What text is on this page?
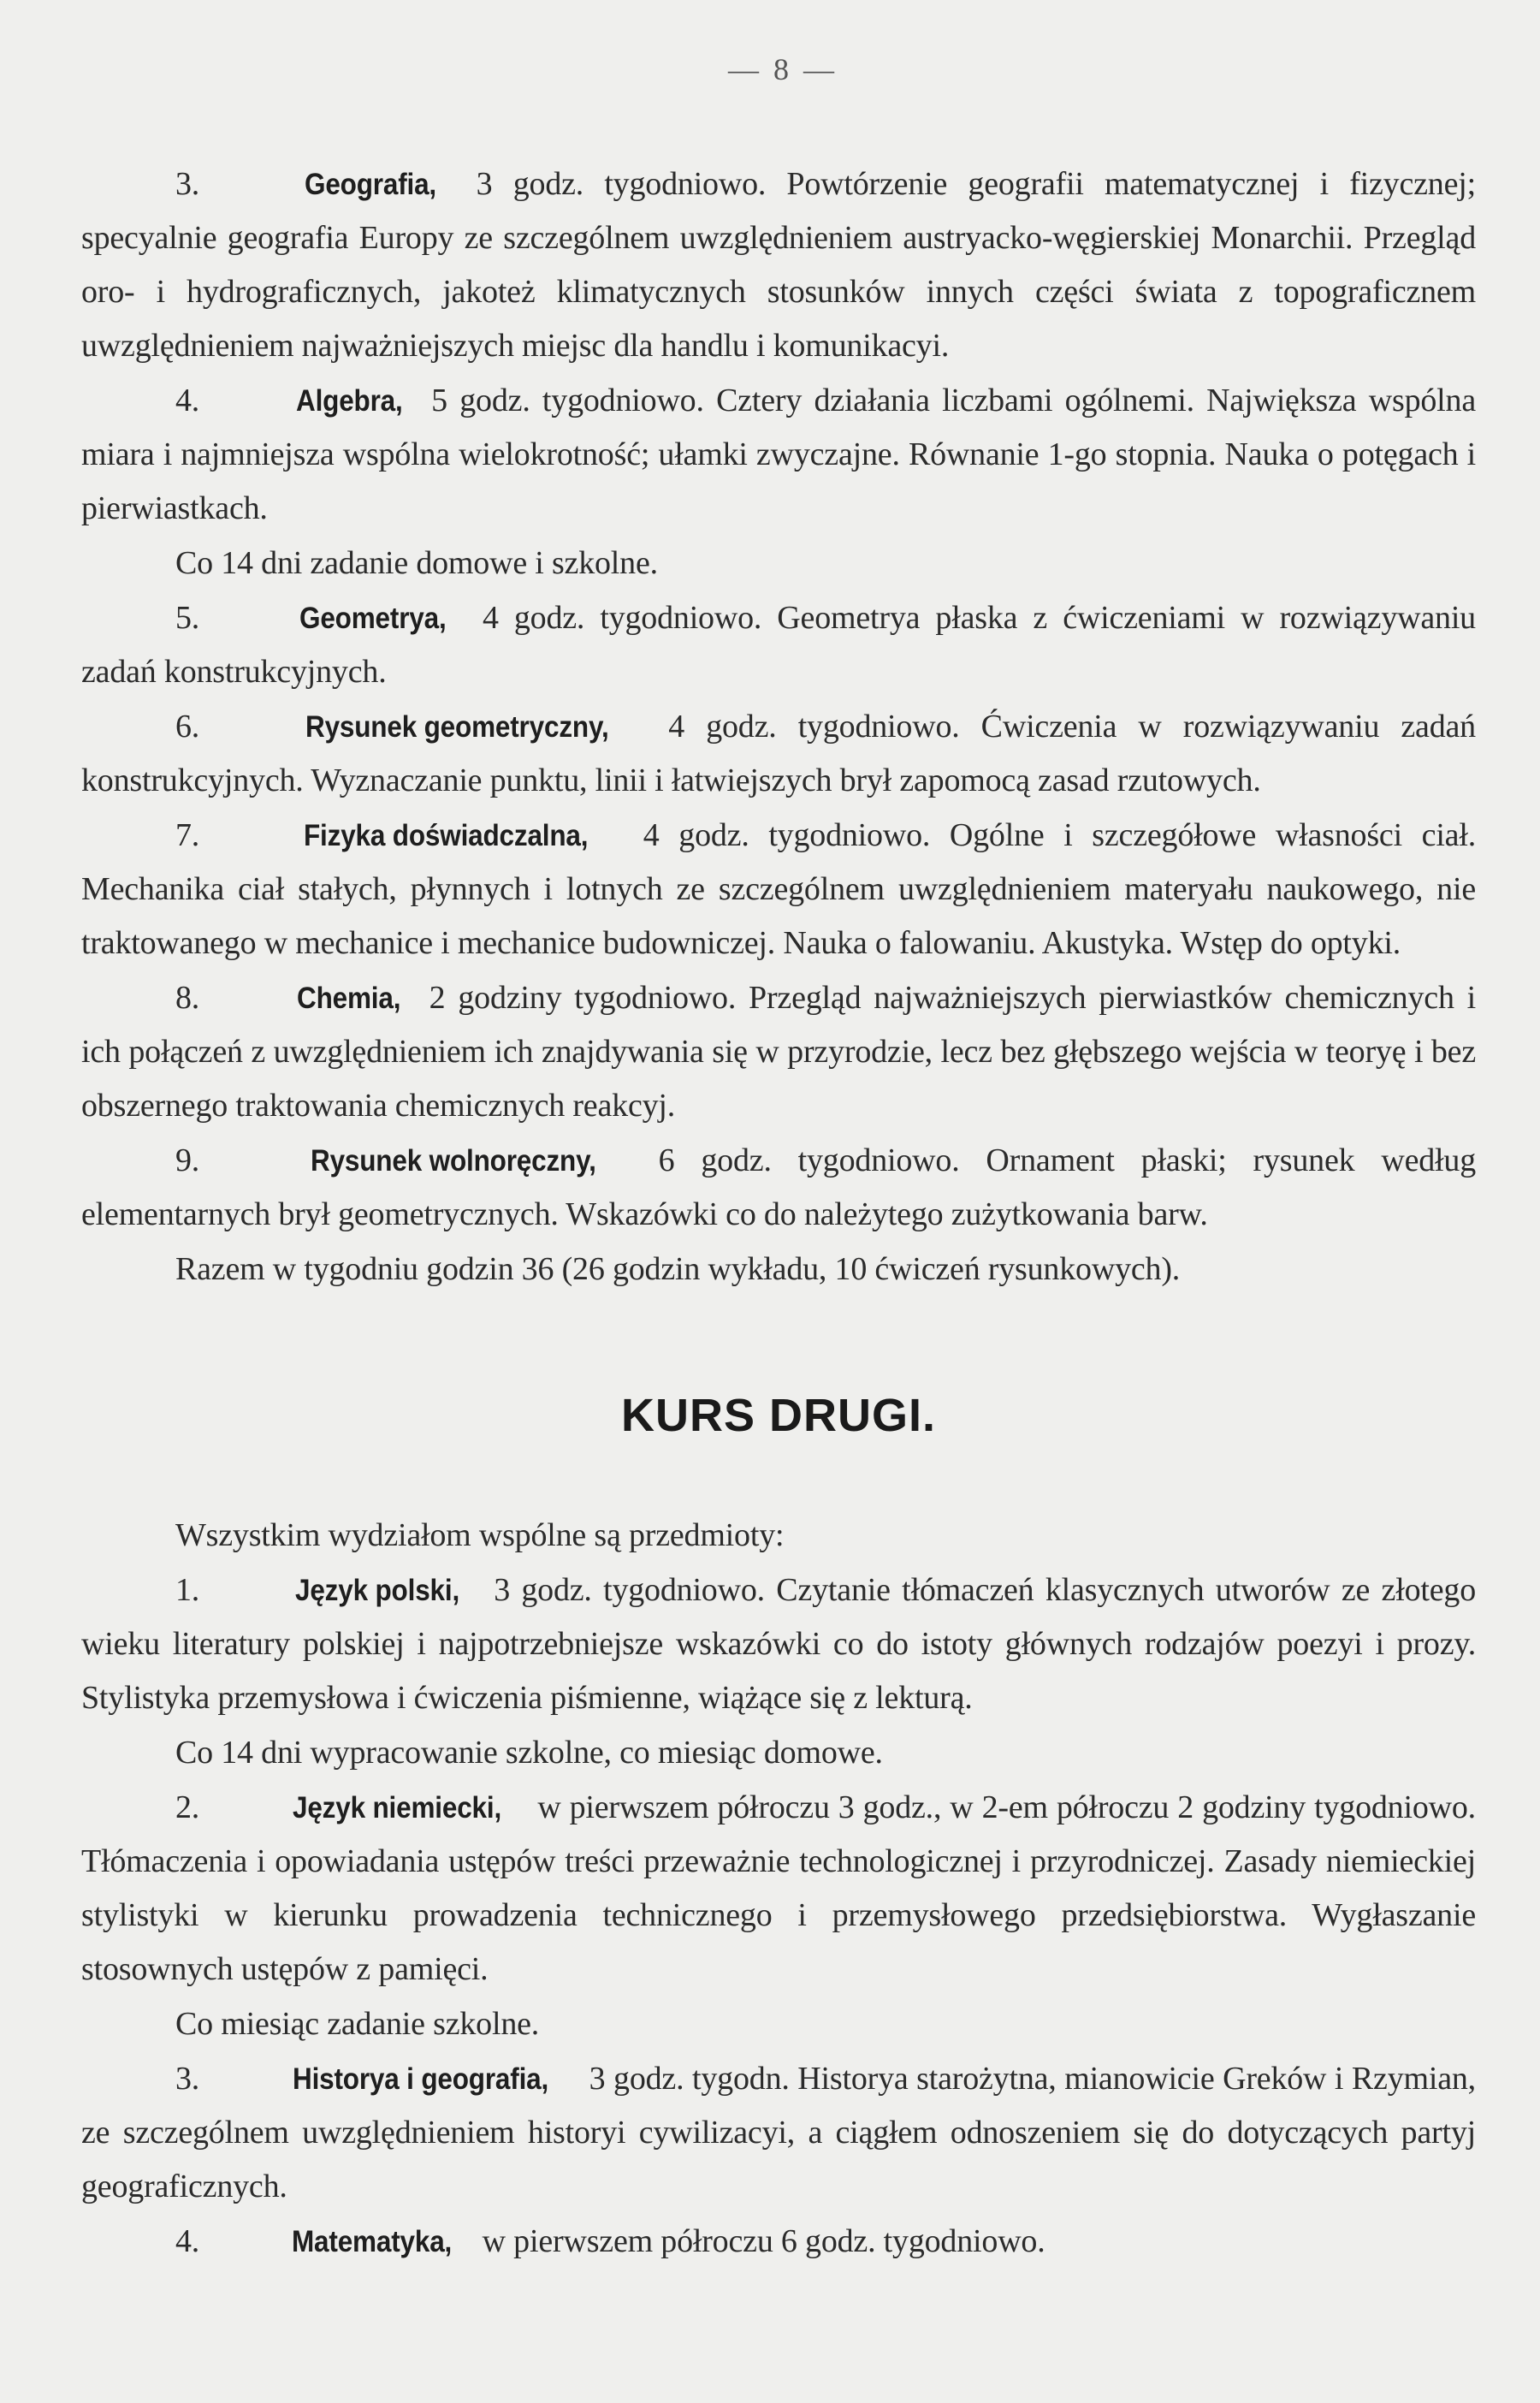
— 8 —

3.	Geografia, 3 godz. tygodniowo. Powtórzenie geografii matematycznej i fizycznej; specyalnie geografia Europy ze szczególnem uwzględnieniem austryacko-węgierskiej Monarchii. Przegląd oro- i hydrograficznych, jakoteż klimatycznych stosunków innych części świata z topograficznem uwzględnieniem najważniejszych miejsc dla handlu i komunikacyi.

4.	Algebra, 5 godz. tygodniowo. Cztery działania liczbami ogólnemi. Największa wspólna miara i najmniejsza wspólna wielokrotność; ułamki zwyczajne. Równanie 1-go stopnia. Nauka o potęgach i pierwiastkach.

Co 14 dni zadanie domowe i szkolne.

5.	Geometrya, 4 godz. tygodniowo. Geometrya płaska z ćwiczeniami w rozwiązywaniu zadań konstrukcyjnych.

6.	Rysunek geometryczny, 4 godz. tygodniowo. Ćwiczenia w rozwiązywaniu zadań konstrukcyjnych. Wyznaczanie punktu, linii i łatwiejszych brył zapomocą zasad rzutowych.

7.	Fizyka doświadczalna, 4 godz. tygodniowo. Ogólne i szczegółowe własności ciał. Mechanika ciał stałych, płynnych i lotnych ze szczególnem uwzględnieniem materyału naukowego, nie traktowanego w mechanice i mechanice budowniczej. Nauka o falowaniu. Akustyka. Wstęp do optyki.

8.	Chemia, 2 godziny tygodniowo. Przegląd najważniejszych pierwiastków chemicznych i ich połączeń z uwzględnieniem ich znajdywania się w przyrodzie, lecz bez głębszego wejścia w teoryę i bez obszernego traktowania chemicznych reakcyj.

9.	Rysunek wolnoręczny, 6 godz. tygodniowo. Ornament płaski; rysunek według elementarnych brył geometrycznych. Wskazówki co do należytego zużytkowania barw.

Razem w tygodniu godzin 36 (26 godzin wykładu, 10 ćwiczeń rysunkowych).

KURS DRUGI.

Wszystkim wydziałom wspólne są przedmioty:

1.	Język polski, 3 godz. tygodniowo. Czytanie tłómaczeń klasycznych utworów ze złotego wieku literatury polskiej i najpotrzebniejsze wskazówki co do istoty głównych rodzajów poezyi i prozy. Stylistyka przemysłowa i ćwiczenia piśmienne, wiążące się z lekturą.

Co 14 dni wypracowanie szkolne, co miesiąc domowe.

2.	Język niemiecki, w pierwszem półroczu 3 godz., w 2-em półroczu 2 godziny tygodniowo. Tłómaczenia i opowiadania ustępów treści przeważnie technologicznej i przyrodniczej. Zasady niemieckiej stylistyki w kierunku prowadzenia technicznego i przemysłowego przedsiębiorstwa. Wygłaszanie stosownych ustępów z pamięci.

Co miesiąc zadanie szkolne.

3.	Historya i geografia, 3 godz. tygodn. Historya starożytna, mianowicie Greków i Rzymian, ze szczególnem uwzględnieniem historyi cywilizacyi, a ciągłem odnoszeniem się do dotyczących partyj geograficznych.

4.	Matematyka, w pierwszem półroczu 6 godz. tygodniowo.
